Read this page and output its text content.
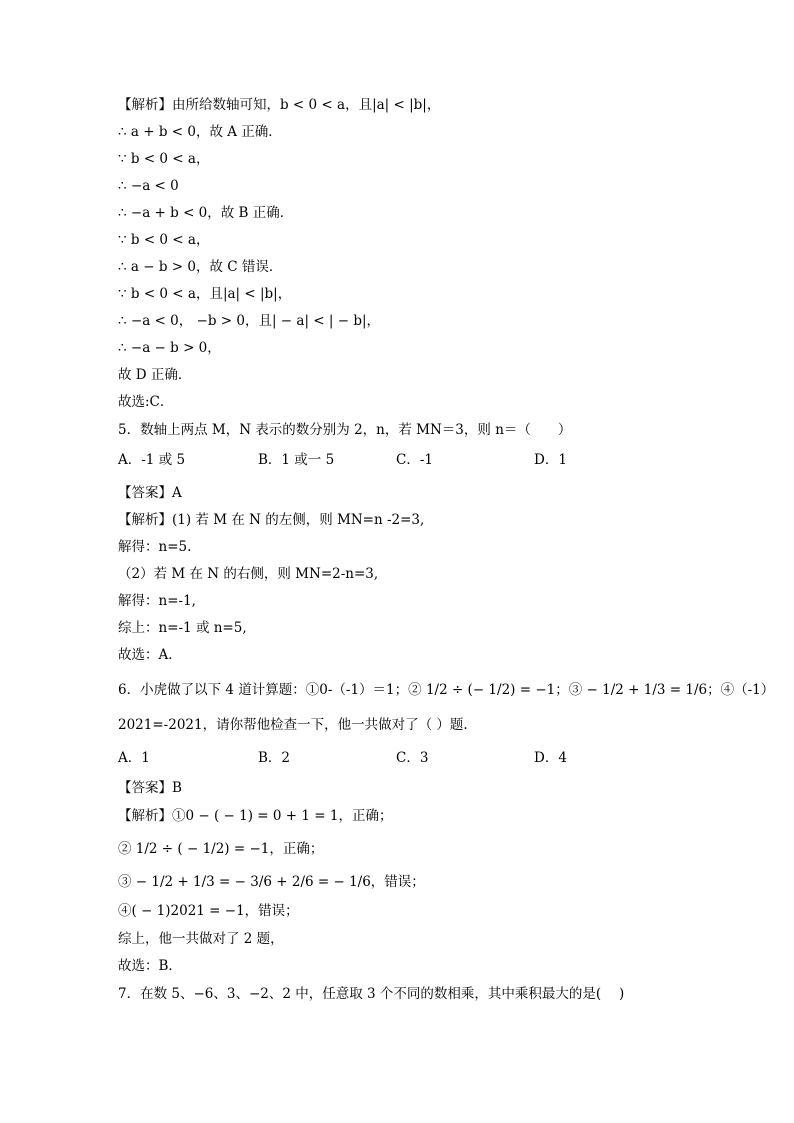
【解析】由所给数轴可知，b < 0 < a，且|a| < |b|，
∴ a + b < 0，故 A 正确．
∵ b < 0 < a，
∴ −a < 0
∴ −a + b < 0，故 B 正确．
∵ b < 0 < a，
∴ a − b > 0，故 C 错误．
∵ b < 0 < a，且|a| < |b|，
∴ −a < 0， −b > 0，且| − a| < | − b|，
∴ −a − b > 0，
故 D 正确．
故选:C．
5．数轴上两点 M，N 表示的数分别为 2，n，若 MN＝3，则 n＝（　　）
A．-1 或 5	B．1 或一 5	C．-1	D．1
【答案】A
【解析】(1) 若 M 在 N 的左侧，则 MN=n -2=3,
解得：n=5.
（2）若 M 在 N 的右侧，则 MN=2-n=3,
解得：n=-1,
综上：n=-1 或 n=5,
故选：A．
6．小虎做了以下 4 道计算题：①0-（-1）＝1；② 1/2 ÷ (− 1/2) = −1；③ − 1/2 + 1/3 = 1/6；④（-1）
2021=-2021，请你帮他检查一下，他一共做对了（ ）题.
A．1	B．2	C．3	D．4
【答案】B
【解析】①0 − ( − 1) = 0 + 1 = 1，正确；
② 1/2 ÷ ( − 1/2) = −1，正确；
③ − 1/2 + 1/3 = − 3/6 + 2/6 = − 1/6，错误；
④( − 1)2021 = −1，错误；
综上，他一共做对了 2 题，
故选：B．
7．在数 5、−6、3、−2、2 中，任意取 3 个不同的数相乘，其中乘积最大的是(　 )
